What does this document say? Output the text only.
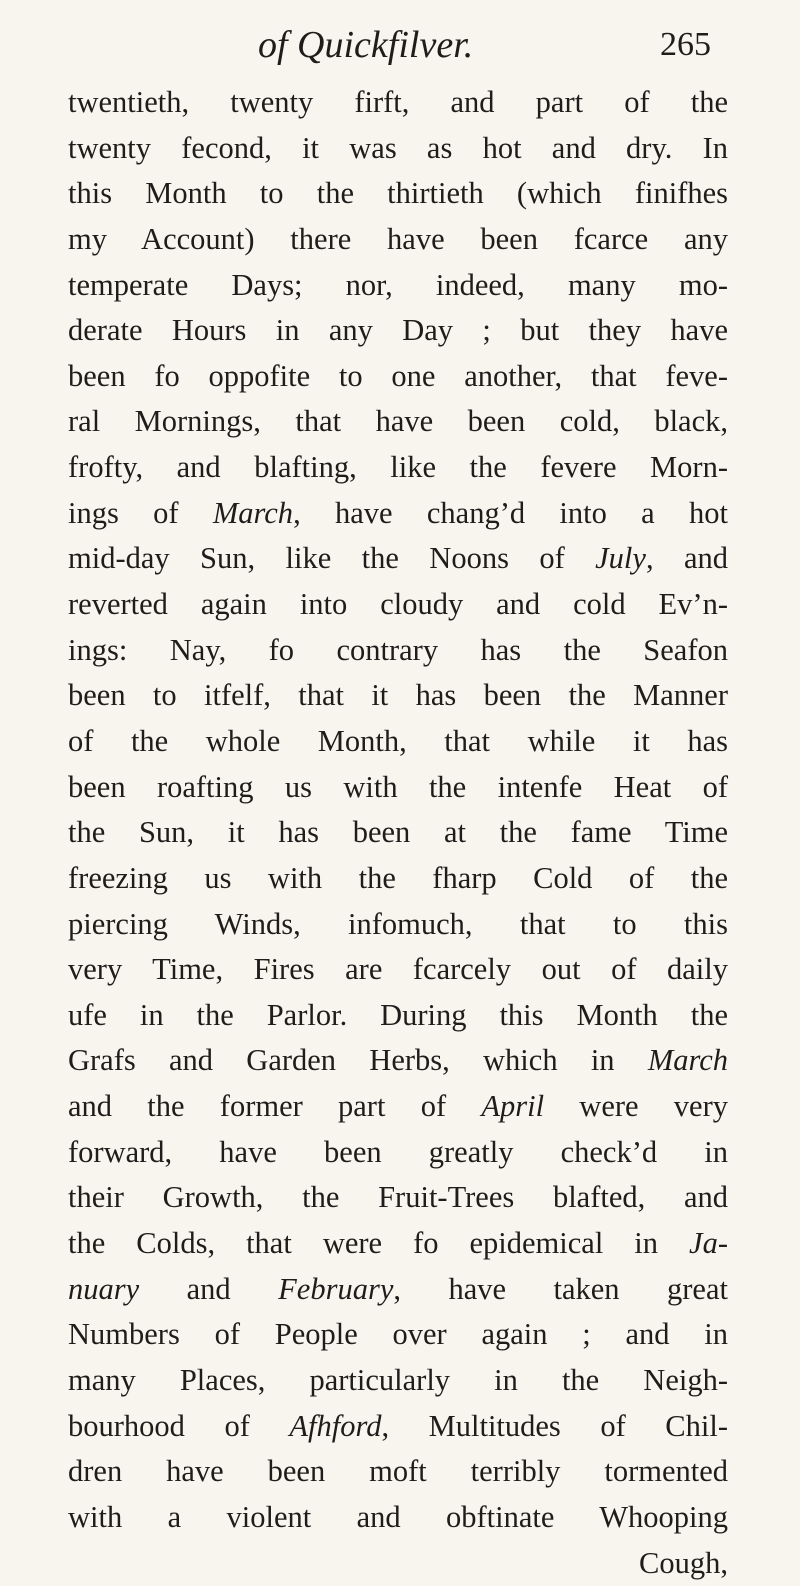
of Quickfilver.	265
twentieth, twenty firft, and part of the
twenty fecond, it was as hot and dry. In
this Month to the thirtieth (which finifhes
my Account) there have been fcarce any
temperate Days; nor, indeed, many mo-
derate Hours in any Day ; but they have
been fo oppofite to one another, that feve-
ral Mornings, that have been cold, black,
frofty, and blafting, like the fevere Morn-
ings of March, have chang’d into a hot
mid-day Sun, like the Noons of July, and
reverted again into cloudy and cold Ev’n-
ings: Nay, fo contrary has the Seafon
been to itfelf, that it has been the Manner
of the whole Month, that while it has
been roafting us with the intenfe Heat of
the Sun, it has been at the fame Time
freezing us with the fharp Cold of the
piercing Winds, infomuch, that to this
very Time, Fires are fcarcely out of daily
ufe in the Parlor. During this Month the
Grafs and Garden Herbs, which in March
and the former part of April were very
forward, have been greatly check’d in
their Growth, the Fruit-Trees blafted, and
the Colds, that were fo epidemical in Ja-
nuary and February, have taken great
Numbers of People over again ; and in
many Places, particularly in the Neigh-
bourhood of Afhford, Multitudes of Chil-
dren have been moft terribly tormented
with a violent and obftinate Whooping
Cough,
